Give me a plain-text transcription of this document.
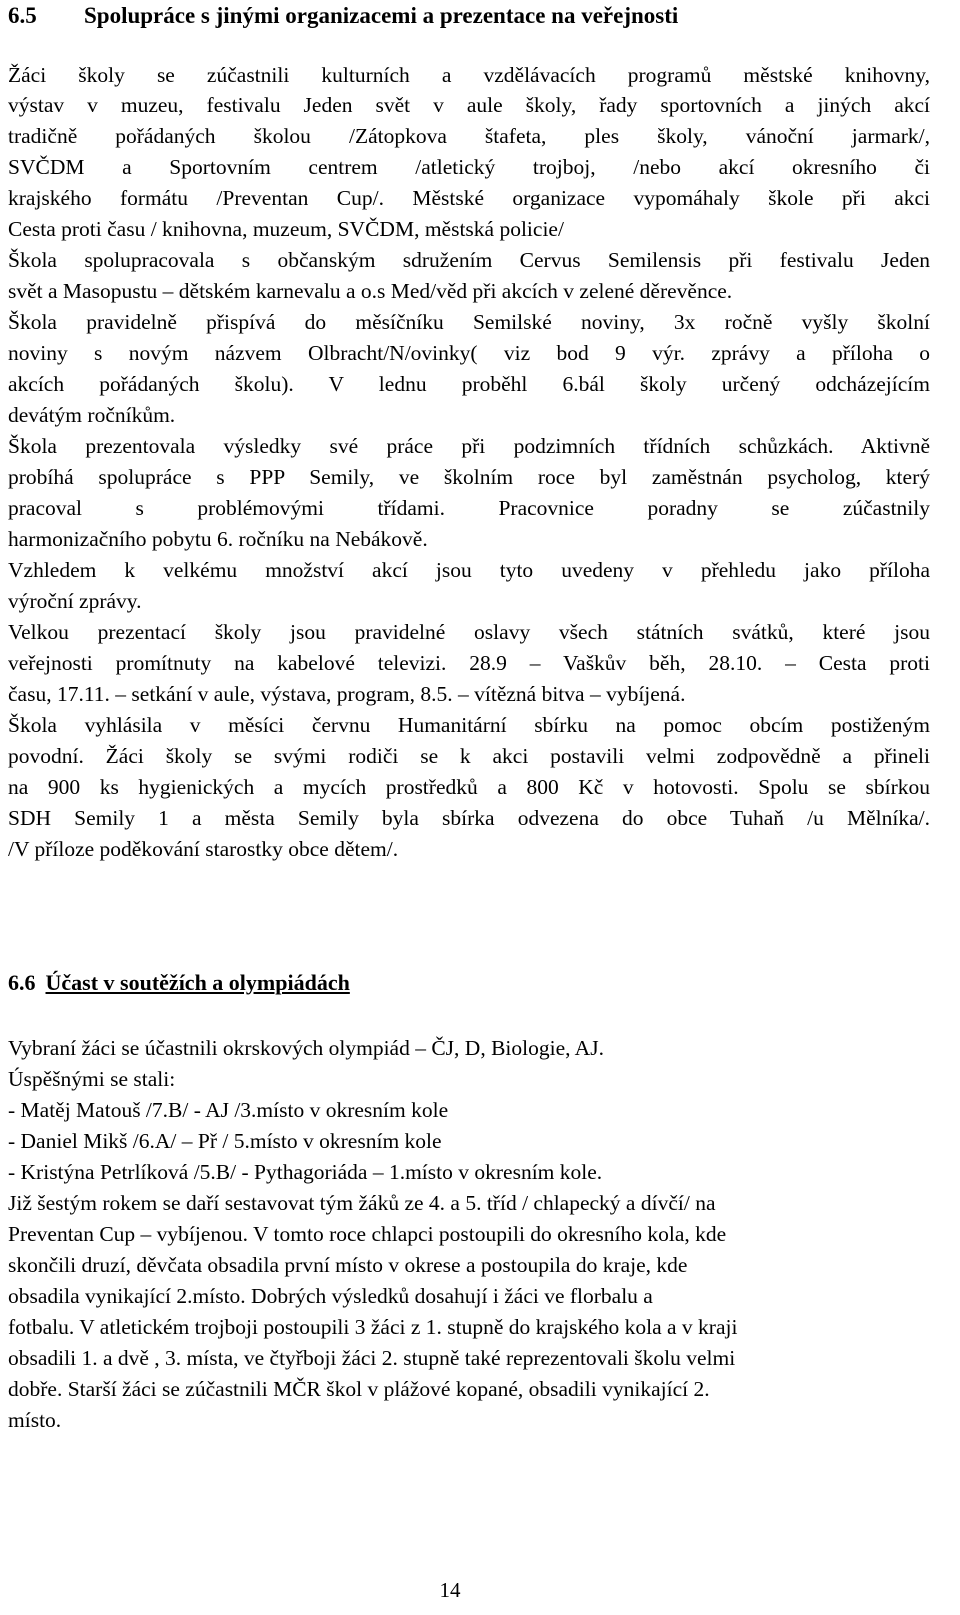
6.5 Spolupráce s jinými organizacemi a prezentace na veřejnosti
Žáci školy se zúčastnili kulturních a vzdělávacích programů městské knihovny,
výstav v muzeu, festivalu Jeden svět v aule školy, řady sportovních a jiných akcí
tradičně pořádaných školou /Zátopkova štafeta, ples školy, vánoční jarmark/,
SVČDM a Sportovním centrem /atletický trojboj, /nebo akcí okresního či
krajského formátu /Preventan Cup/. Městské organizace vypomáhaly škole při akci
Cesta proti času / knihovna, muzeum, SVČDM, městská policie/
Škola spolupracovala s občanským sdružením Cervus Semilensis při festivalu Jeden
svět a Masopustu – dětském karnevalu a o.s Med/věd při akcích v zelené děrevěnce.
Škola pravidelně přispívá do měsíčníku Semilské noviny, 3x ročně vyšly školní
noviny s novým názvem Olbracht/N/ovinky( viz bod 9 výr. zprávy a příloha o
akcích pořádaných školu). V lednu proběhl 6.bál školy určený odcházejícím
devátým ročníkům.
Škola prezentovala výsledky své práce při podzimních třídních schůzkách. Aktivně
probíhá spolupráce s PPP Semily, ve školním roce byl zaměstnán psycholog, který
pracoval s problémovými třídami. Pracovnice poradny se zúčastnily
harmonizačního pobytu 6. ročníku na Nebákově.
Vzhledem k velkému množství akcí jsou tyto uvedeny v přehledu jako příloha
výroční zprávy.
Velkou prezentací školy jsou pravidelné oslavy všech státních svátků, které jsou
veřejnosti promítnuty na kabelové televizi. 28.9 – Vaškův běh, 28.10. – Cesta proti
času, 17.11. – setkání v aule, výstava, program, 8.5. – vítězná bitva – vybíjená.
Škola vyhlásila v měsíci červnu Humanitární sbírku na pomoc obcím postiženým
povodní. Žáci školy se svými rodiči se k akci postavili velmi zodpovědně a přineli
na 900 ks hygienických a mycích prostředků a 800 Kč v hotovosti. Spolu se sbírkou
SDH Semily 1 a města Semily byla sbírka odvezena do obce Tuhaň /u Mělníka/.
/V příloze poděkování starostky obce dětem/.
6.6 Účast v soutěžích a olympiádách
Vybraní žáci se účastnili okrskových olympiád – ČJ, D, Biologie, AJ.
Úspěšnými se stali:
- Matěj Matouš /7.B/ - AJ /3.místo v okresním kole
- Daniel Mikš /6.A/ – Př / 5.místo v okresním kole
- Kristýna Petrlíková /5.B/ - Pythagoriáda – 1.místo v okresním kole.
Již šestým rokem se daří sestavovat tým žáků ze 4. a 5. tříd / chlapecký a dívčí/ na
Preventan Cup – vybíjenou. V tomto roce chlapci postoupili do okresního kola, kde
skončili druzí, děvčata obsadila první místo v okrese a postoupila do kraje, kde
obsadila vynikající 2.místo. Dobrých výsledků dosahují i žáci ve florbalu a
fotbalu. V atletickém trojboji postoupili 3 žáci z 1. stupně do krajského kola a v kraji
obsadili 1. a dvě , 3. místa, ve čtyřboji žáci 2. stupně také reprezentovali školu velmi
dobře. Starší žáci se zúčastnili MČR škol v plážové kopané, obsadili vynikající 2.
místo.
14
